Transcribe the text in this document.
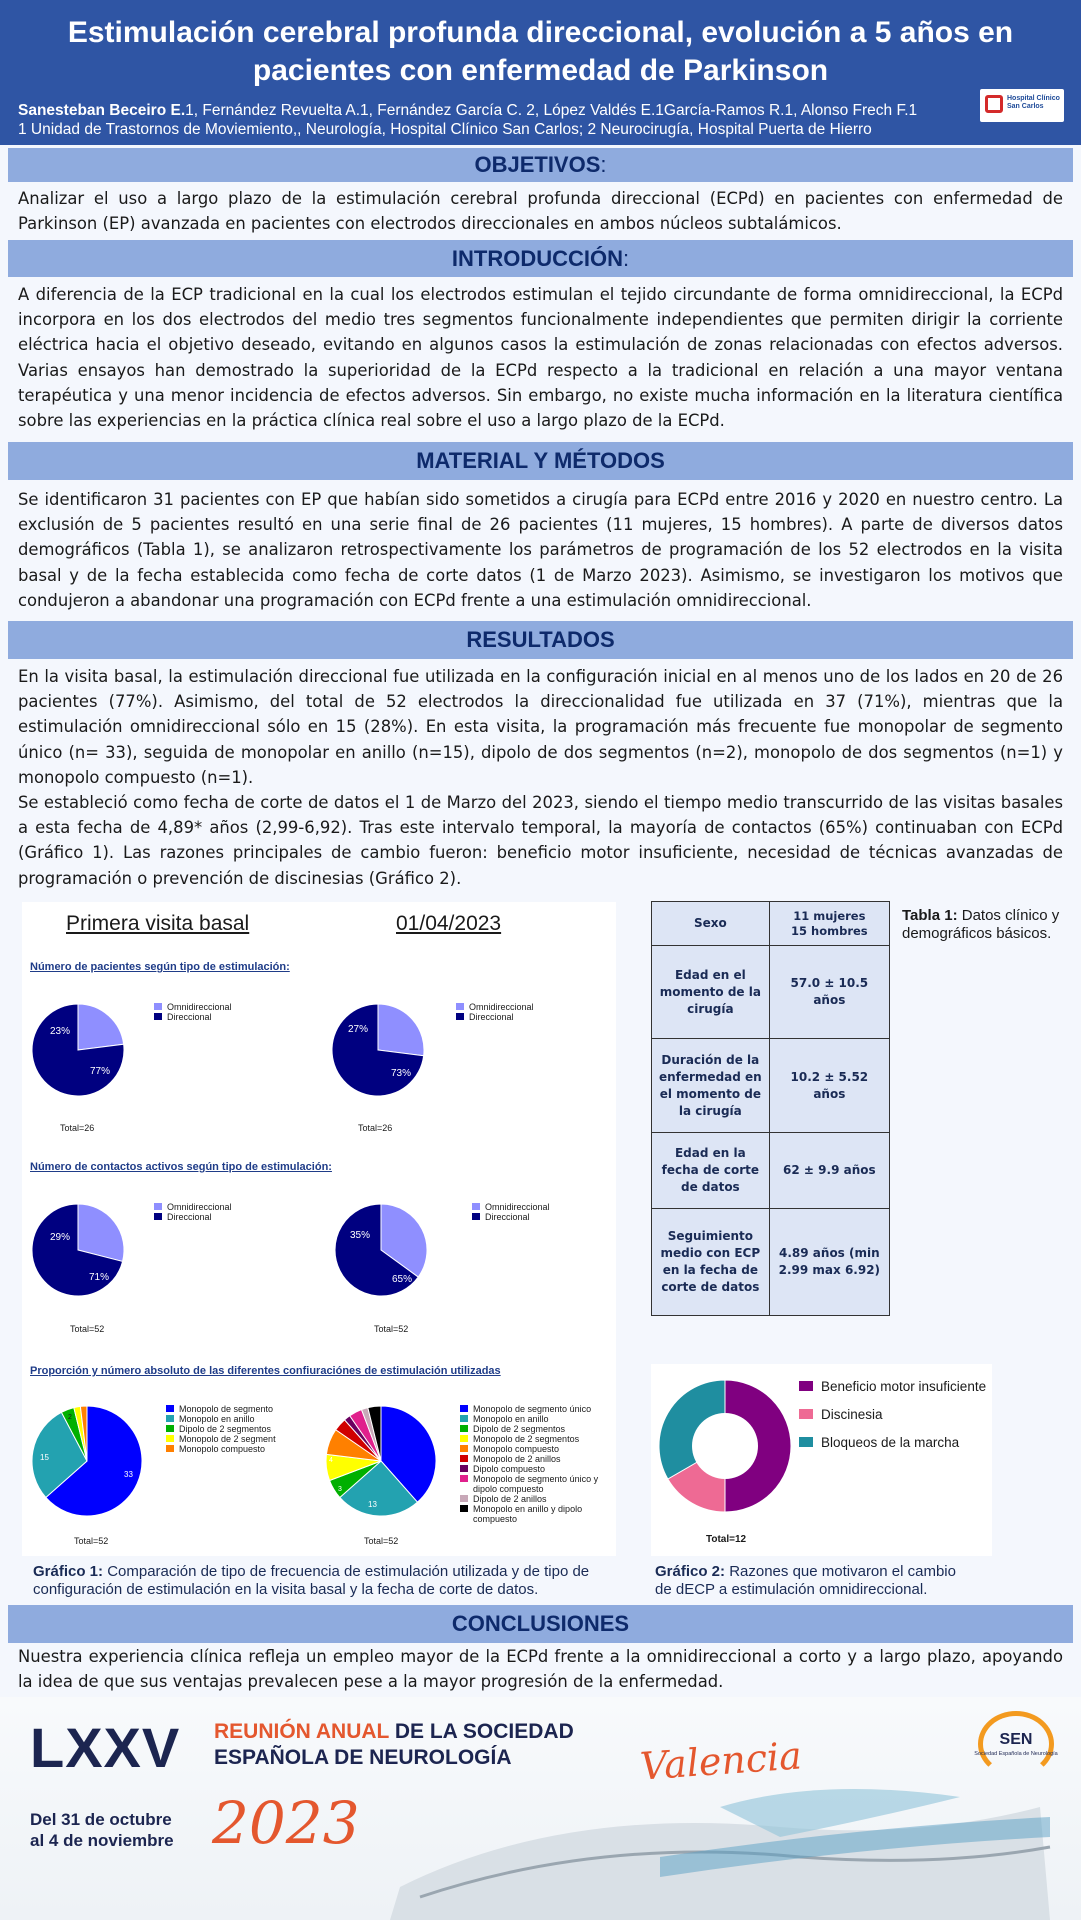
Estimulación cerebral profunda direccional, evolución a 5 años en
pacientes con enfermedad de Parkinson
Sanesteban Beceiro E.1, Fernández Revuelta A.1, Fernández García C. 2, López Valdés E.1García-Ramos R.1, Alonso Frech F.1
1 Unidad de Trastornos de Moviemiento,, Neurología, Hospital Clínico San Carlos; 2 Neurocirugía, Hospital Puerta de Hierro
Hospital Clínico San Carlos
OBJETIVOS:
Analizar el uso a largo plazo de la estimulación cerebral profunda direccional (ECPd) en pacientes con enfermedad de Parkinson (EP) avanzada en pacientes con electrodos direccionales en ambos núcleos subtalámicos.
INTRODUCCIÓN:
A diferencia de la ECP tradicional en la cual los electrodos estimulan el tejido circundante de forma omnidireccional, la ECPd incorpora en los dos electrodos del medio tres segmentos funcionalmente independientes que permiten dirigir la corriente eléctrica hacia el objetivo deseado, evitando en algunos casos la estimulación de zonas relacionadas con efectos adversos. Varias ensayos han demostrado la superioridad de la ECPd respecto a la tradicional en relación a una mayor ventana terapéutica y una menor incidencia de efectos adversos. Sin embargo, no existe mucha información en la literatura científica sobre las experiencias en la práctica clínica real sobre el uso a largo plazo de la ECPd.
MATERIAL Y MÉTODOS
Se identificaron 31 pacientes con EP que habían sido sometidos a cirugía para ECPd entre 2016 y 2020 en nuestro centro. La exclusión de 5 pacientes resultó en una serie final de 26 pacientes (11 mujeres, 15 hombres). A parte de diversos datos demográficos (Tabla 1), se analizaron retrospectivamente los parámetros de programación de los 52 electrodos en la visita basal y de la fecha establecida como fecha de corte datos (1 de Marzo 2023). Asimismo, se investigaron los motivos que condujeron a abandonar una programación con ECPd frente a una estimulación omnidireccional.
RESULTADOS
En la visita basal, la estimulación direccional fue utilizada en la configuración inicial en al menos uno de los lados en 20 de 26 pacientes (77%). Asimismo, del total de 52 electrodos la direccionalidad fue utilizada en 37 (71%), mientras que la estimulación omnidireccional sólo en 15 (28%). En esta visita, la programación más frecuente fue monopolar de segmento único (n= 33), seguida de monopolar en anillo (n=15), dipolo de dos segmentos (n=2), monopolo de dos segmentos (n=1) y monopolo compuesto (n=1).
Se estableció como fecha de corte de datos el 1 de Marzo del 2023, siendo el tiempo medio transcurrido de las visitas basales a esta fecha de 4,89* años (2,99-6,92). Tras este intervalo temporal, la mayoría de contactos (65%) continuaban con ECPd (Gráfico 1). Las razones principales de cambio fueron: beneficio motor insuficiente, necesidad de técnicas avanzadas de programación o prevención de discinesias (Gráfico 2).
Primera visita basal	01/04/2023
Número de pacientes según tipo de estimulación:
Número de contactos activos según tipo de estimulación:
Proporción y número absoluto de las diferentes confiuraciónes de estimulación utilizadas
23%
77%
Total=26
Omnidireccional
Direccional
27%
73%
Total=26
Omnidireccional
Direccional
29%
71%
Total=52
Omnidireccional
Direccional
35%
65%
Total=52
Omnidireccional
Direccional
33
15
2
Total=52
Monopolo de segmento
Monopolo en anillo
Dipolo de 2 segmentos
Monopolo de 2 segment
Monopolo compuesto
13
3
4
Total=52
Monopolo de segmento único
Monopolo en anillo
Dipolo de 2 segmentos
Monopolo de 2 segmentos
Monopolo compuesto
Monopolo de 2 anillos
Dipolo compuesto
Monopolo de segmento único y dipolo compuesto
Dipolo de 2 anillos
Monopolo en anillo y dipolo compuesto
Sexo	11 mujeres
15 hombres
Edad en el momento de la cirugía	57.0 ± 10.5 años
Duración de la enfermedad en el momento de la cirugía	10.2 ± 5.52 años
Edad en la fecha de corte de datos	62 ± 9.9 años
Seguimiento medio con ECP en la fecha de corte de datos	4.89 años (min 2.99 max 6.92)
Tabla 1: Datos clínico y demográficos básicos.
Total=12
Beneficio motor insuficiente
Discinesia
Bloqueos de la marcha
Gráfico 1: Comparación de tipo de frecuencia de estimulación utilizada y de tipo de configuración de estimulación en la visita basal y la fecha de corte de datos.
Gráfico 2: Razones que motivaron el cambio de dECP a estimulación omnidireccional.
CONCLUSIONES
Nuestra experiencia clínica refleja un empleo mayor de la ECPd frente a la omnidireccional a corto y a largo plazo, apoyando la idea de que sus ventajas prevalecen pese a la mayor progresión de la enfermedad.
LXXV REUNIÓN ANUAL DE LA SOCIEDAD
ESPAÑOLA DE NEUROLOGÍA
Del 31 de octubre
al 4 de noviembre 2023
Valencia	SEN
Sociedad Española de Neurología
